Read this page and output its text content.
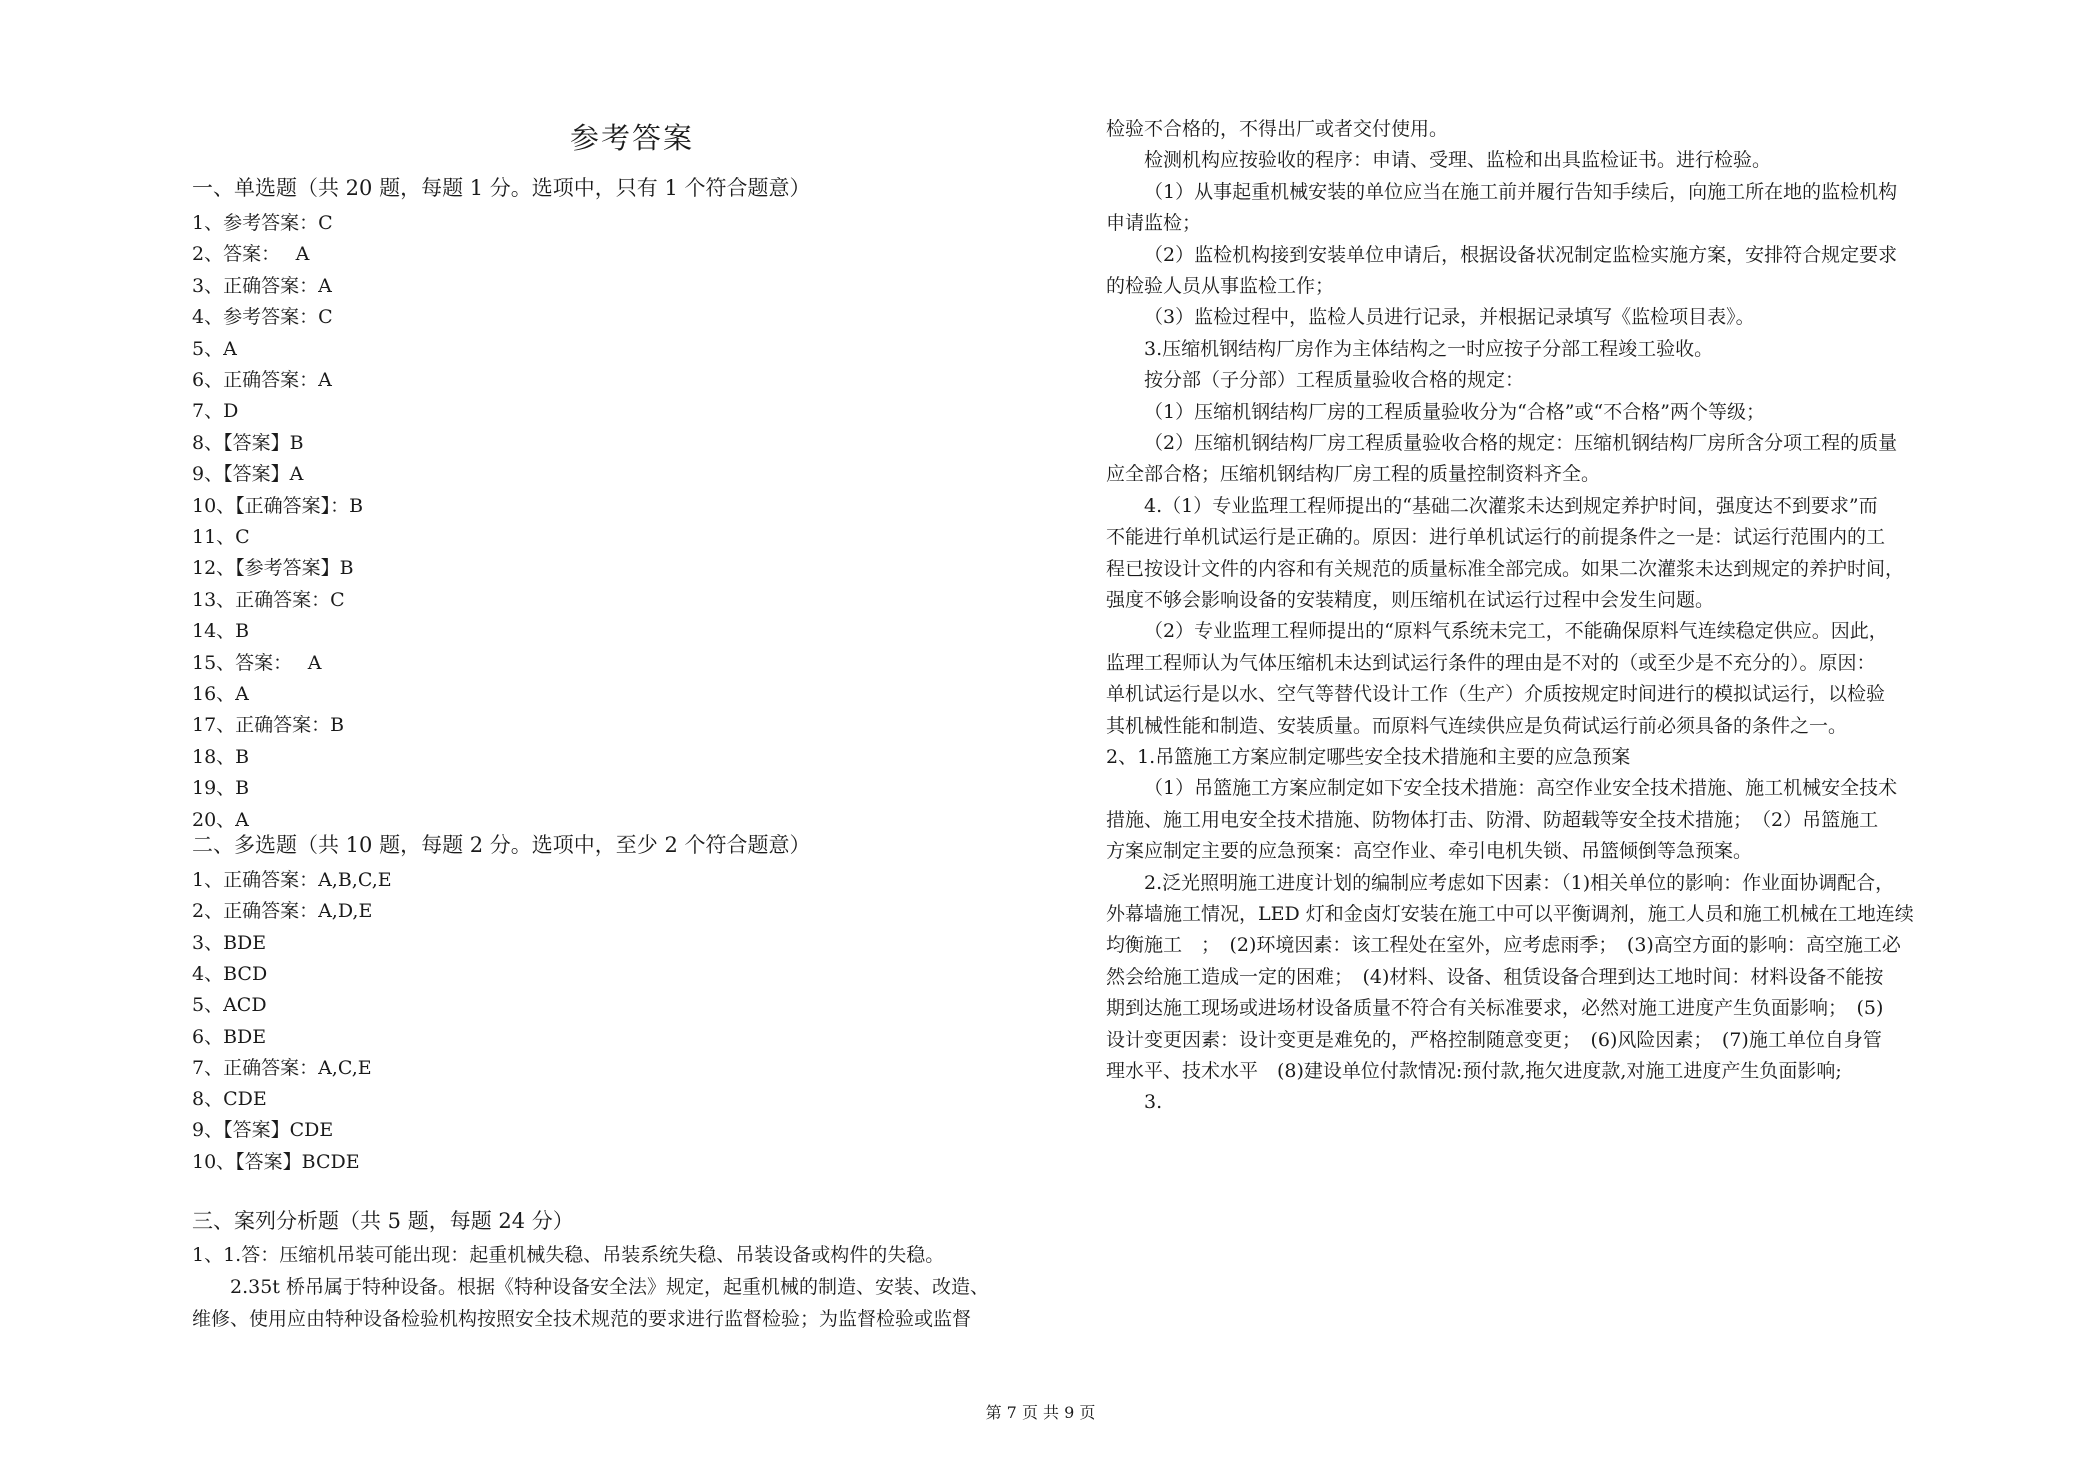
参考答案
一、单选题（共 20 题，每题 1 分。选项中，只有 1 个符合题意）
1、参考答案：C
2、答案：　 A
3、正确答案：A
4、参考答案：C
5、A
6、正确答案：A
7、D
8、【答案】B
9、【答案】A
10、【正确答案】：B
11、C
12、【参考答案】B
13、正确答案：C
14、B
15、答案：　 A
16、A
17、正确答案：B
18、B
19、B
20、A
二、多选题（共 10 题，每题 2 分。选项中，至少 2 个符合题意）
1、正确答案：A,B,C,E
2、正确答案：A,D,E
3、BDE
4、BCD
5、ACD
6、BDE
7、正确答案：A,C,E
8、CDE
9、【答案】CDE
10、【答案】BCDE
三、案列分析题（共 5 题，每题 24 分）
1、1.答：压缩机吊装可能出现：起重机械失稳、吊装系统失稳、吊装设备或构件的失稳。
2.35t 桥吊属于特种设备。根据《特种设备安全法》规定，起重机械的制造、安装、改造、
维修、使用应由特种设备检验机构按照安全技术规范的要求进行监督检验；为监督检验或监督
检验不合格的，不得出厂或者交付使用。
检测机构应按验收的程序：申请、受理、监检和出具监检证书。进行检验。
（1）从事起重机械安装的单位应当在施工前并履行告知手续后，向施工所在地的监检机构
申请监检；
（2）监检机构接到安装单位申请后，根据设备状况制定监检实施方案，安排符合规定要求
的检验人员从事监检工作；
（3）监检过程中，监检人员进行记录，并根据记录填写《监检项目表》。
3.压缩机钢结构厂房作为主体结构之一时应按子分部工程竣工验收。
按分部（子分部）工程质量验收合格的规定：
（1）压缩机钢结构厂房的工程质量验收分为“合格”或“不合格”两个等级；
（2）压缩机钢结构厂房工程质量验收合格的规定：压缩机钢结构厂房所含分项工程的质量
应全部合格；压缩机钢结构厂房工程的质量控制资料齐全。
4.（1）专业监理工程师提出的“基础二次灌浆未达到规定养护时间，强度达不到要求”而
不能进行单机试运行是正确的。原因：进行单机试运行的前提条件之一是：试运行范围内的工
程已按设计文件的内容和有关规范的质量标准全部完成。如果二次灌浆未达到规定的养护时间，
强度不够会影响设备的安装精度，则压缩机在试运行过程中会发生问题。
（2）专业监理工程师提出的“原料气系统未完工，不能确保原料气连续稳定供应。因此，
监理工程师认为气体压缩机未达到试运行条件的理由是不对的（或至少是不充分的）。原因：
单机试运行是以水、空气等替代设计工作（生产）介质按规定时间进行的模拟试运行，以检验
其机械性能和制造、安装质量。而原料气连续供应是负荷试运行前必须具备的条件之一。
2、1.吊篮施工方案应制定哪些安全技术措施和主要的应急预案
（1）吊篮施工方案应制定如下安全技术措施：高空作业安全技术措施、施工机械安全技术
措施、施工用电安全技术措施、防物体打击、防滑、防超载等安全技术措施；　（2）吊篮施工
方案应制定主要的应急预案：高空作业、牵引电机失锁、吊篮倾倒等急预案。
2.泛光照明施工进度计划的编制应考虑如下因素：（1)相关单位的影响：作业面协调配合，
外幕墙施工情况，LED 灯和金卤灯安装在施工中可以平衡调剂，施工人员和施工机械在工地连续
均衡施工　；　(2)环境因素：该工程处在室外，应考虑雨季；　(3)高空方面的影响：高空施工必
然会给施工造成一定的困难；　(4)材料、设备、租赁设备合理到达工地时间：材料设备不能按
期到达施工现场或进场材设备质量不符合有关标准要求，必然对施工进度产生负面影响；　(5)
设计变更因素：设计变更是难免的，严格控制随意变更；　(6)风险因素；　(7)施工单位自身管
理水平、技术水平　(8)建设单位付款情况:预付款,拖欠进度款,对施工进度产生负面影响;
3.
第 7 页 共 9 页
